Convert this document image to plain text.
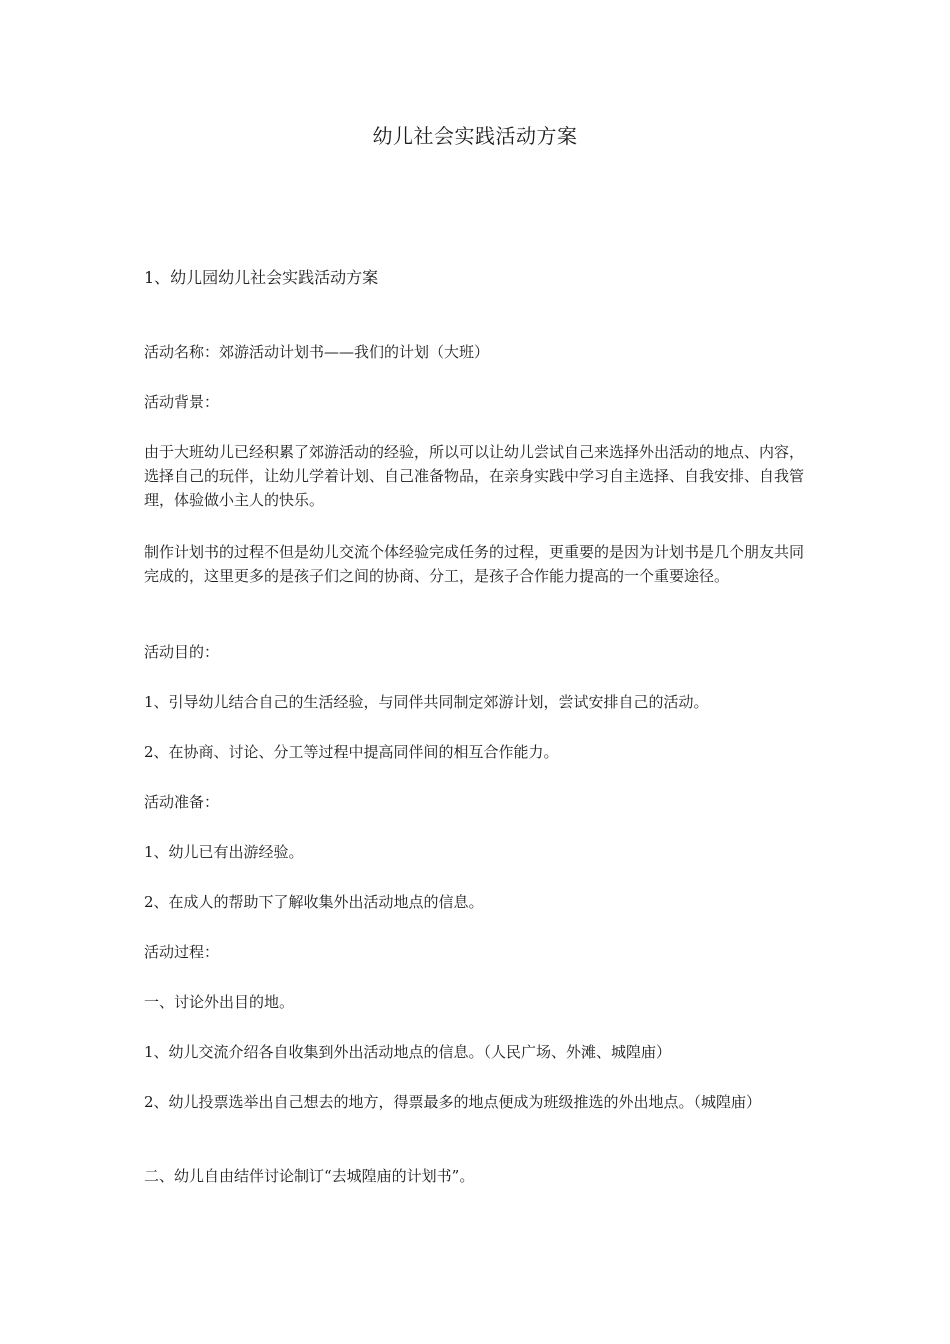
幼儿社会实践活动方案
1、幼儿园幼儿社会实践活动方案
活动名称：郊游活动计划书——我们的计划（大班）
活动背景：
由于大班幼儿已经积累了郊游活动的经验，所以可以让幼儿尝试自己来选择外出活动的地点、内容，选择自己的玩伴，让幼儿学着计划、自己准备物品，在亲身实践中学习自主选择、自我安排、自我管理，体验做小主人的快乐。
制作计划书的过程不但是幼儿交流个体经验完成任务的过程，更重要的是因为计划书是几个朋友共同完成的，这里更多的是孩子们之间的协商、分工，是孩子合作能力提高的一个重要途径。
活动目的：
1、引导幼儿结合自己的生活经验，与同伴共同制定郊游计划，尝试安排自己的活动。
2、在协商、讨论、分工等过程中提高同伴间的相互合作能力。
活动准备：
1、幼儿已有出游经验。
2、在成人的帮助下了解收集外出活动地点的信息。
活动过程：
一、讨论外出目的地。
1、幼儿交流介绍各自收集到外出活动地点的信息。（人民广场、外滩、城隍庙）
2、幼儿投票选举出自己想去的地方，得票最多的地点便成为班级推选的外出地点。（城隍庙）
二、幼儿自由结伴讨论制订“去城隍庙的计划书”。
